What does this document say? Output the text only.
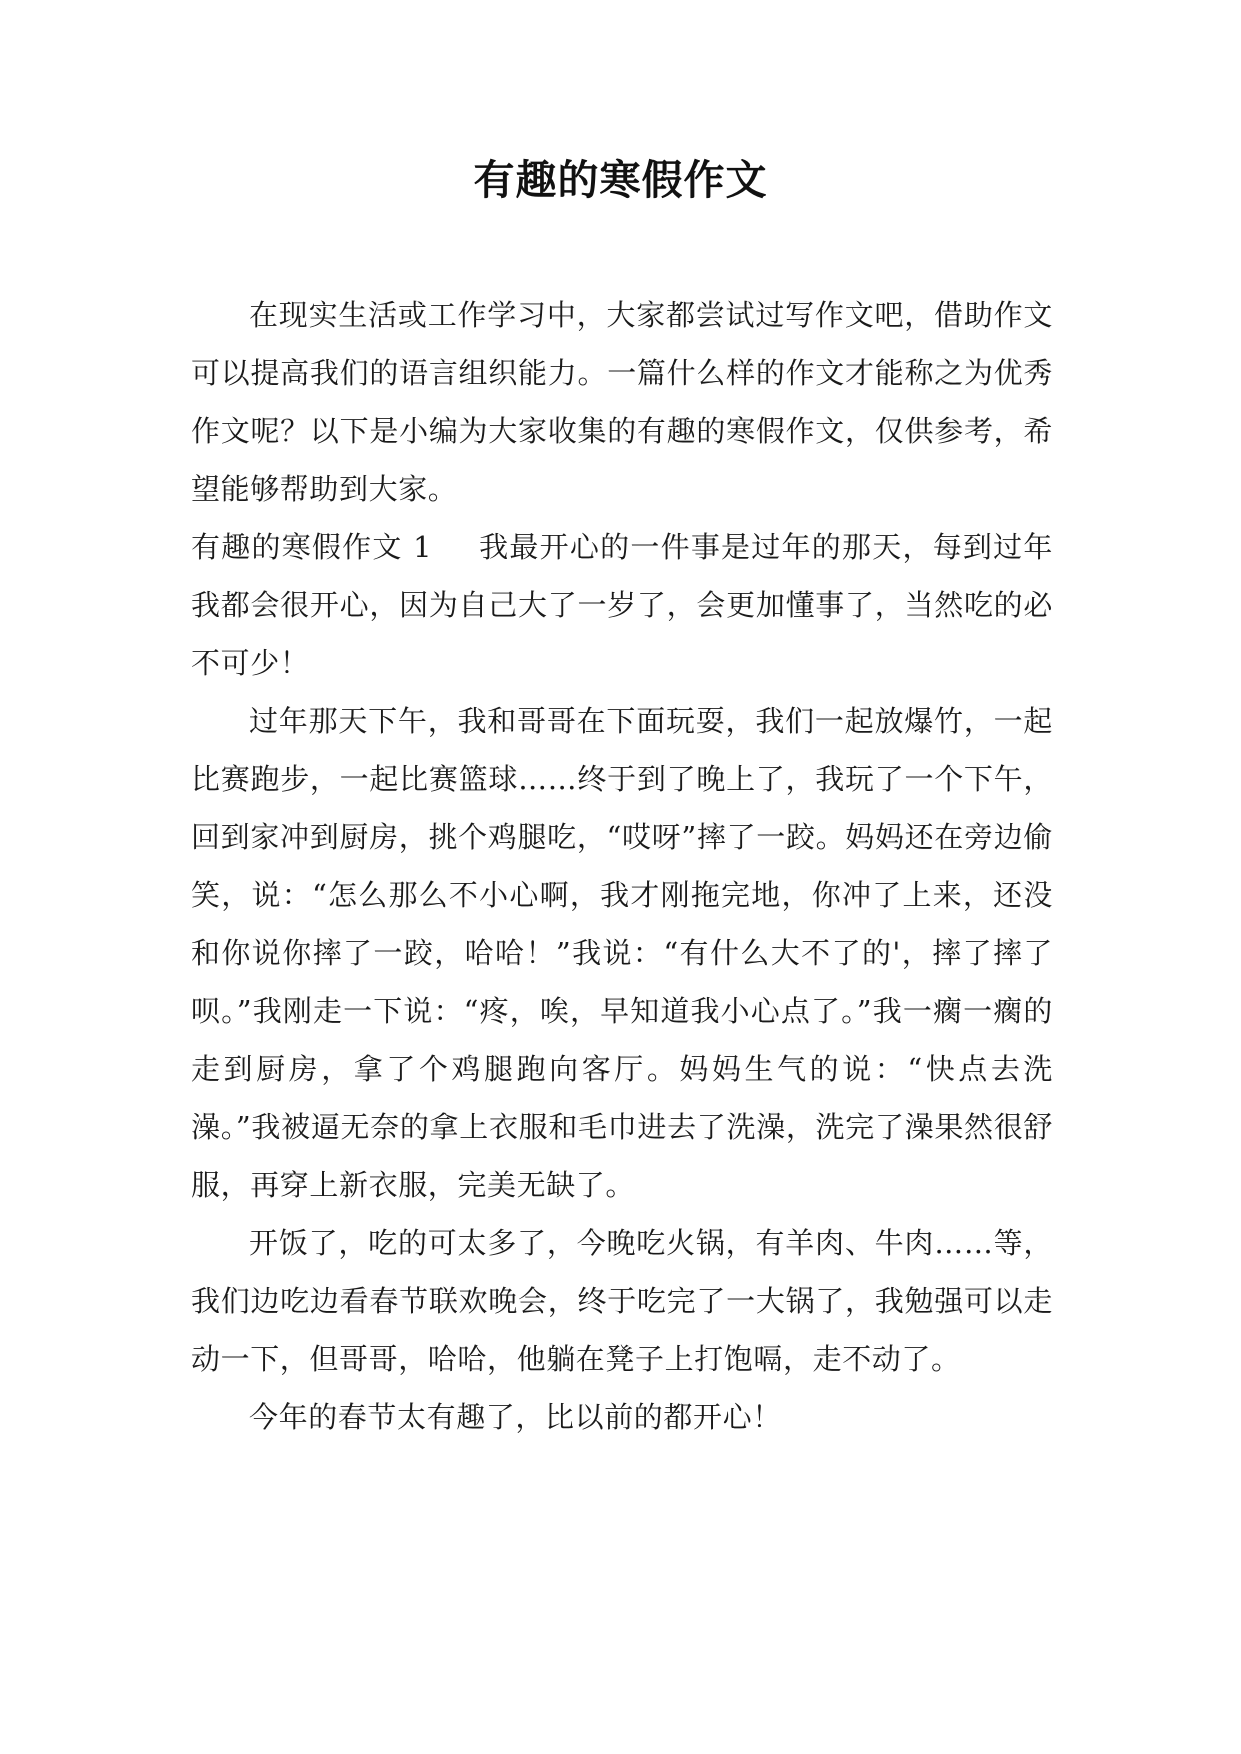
有趣的寒假作文

在现实生活或工作学习中，大家都尝试过写作文吧，借助作文可以提高我们的语言组织能力。一篇什么样的作文才能称之为优秀作文呢？以下是小编为大家收集的有趣的寒假作文，仅供参考，希望能够帮助到大家。

有趣的寒假作文 1 我最开心的一件事是过年的那天，每到过年我都会很开心，因为自己大了一岁了，会更加懂事了，当然吃的必不可少！

过年那天下午，我和哥哥在下面玩耍，我们一起放爆竹，一起比赛跑步，一起比赛篮球……终于到了晚上了，我玩了一个下午，回到家冲到厨房，挑个鸡腿吃，“哎呀”摔了一跤。妈妈还在旁边偷笑，说：“怎么那么不小心啊，我才刚拖完地，你冲了上来，还没和你说你摔了一跤，哈哈！”我说：“有什么大不了的'，摔了摔了呗。”我刚走一下说：“疼，唉，早知道我小心点了。”我一瘸一瘸的走到厨房，拿了个鸡腿跑向客厅。妈妈生气的说：“快点去洗澡。”我被逼无奈的拿上衣服和毛巾进去了洗澡，洗完了澡果然很舒服，再穿上新衣服，完美无缺了。

开饭了，吃的可太多了，今晚吃火锅，有羊肉、牛肉……等，我们边吃边看春节联欢晚会，终于吃完了一大锅了，我勉强可以走动一下，但哥哥，哈哈，他躺在凳子上打饱嗝，走不动了。

今年的春节太有趣了，比以前的都开心！
